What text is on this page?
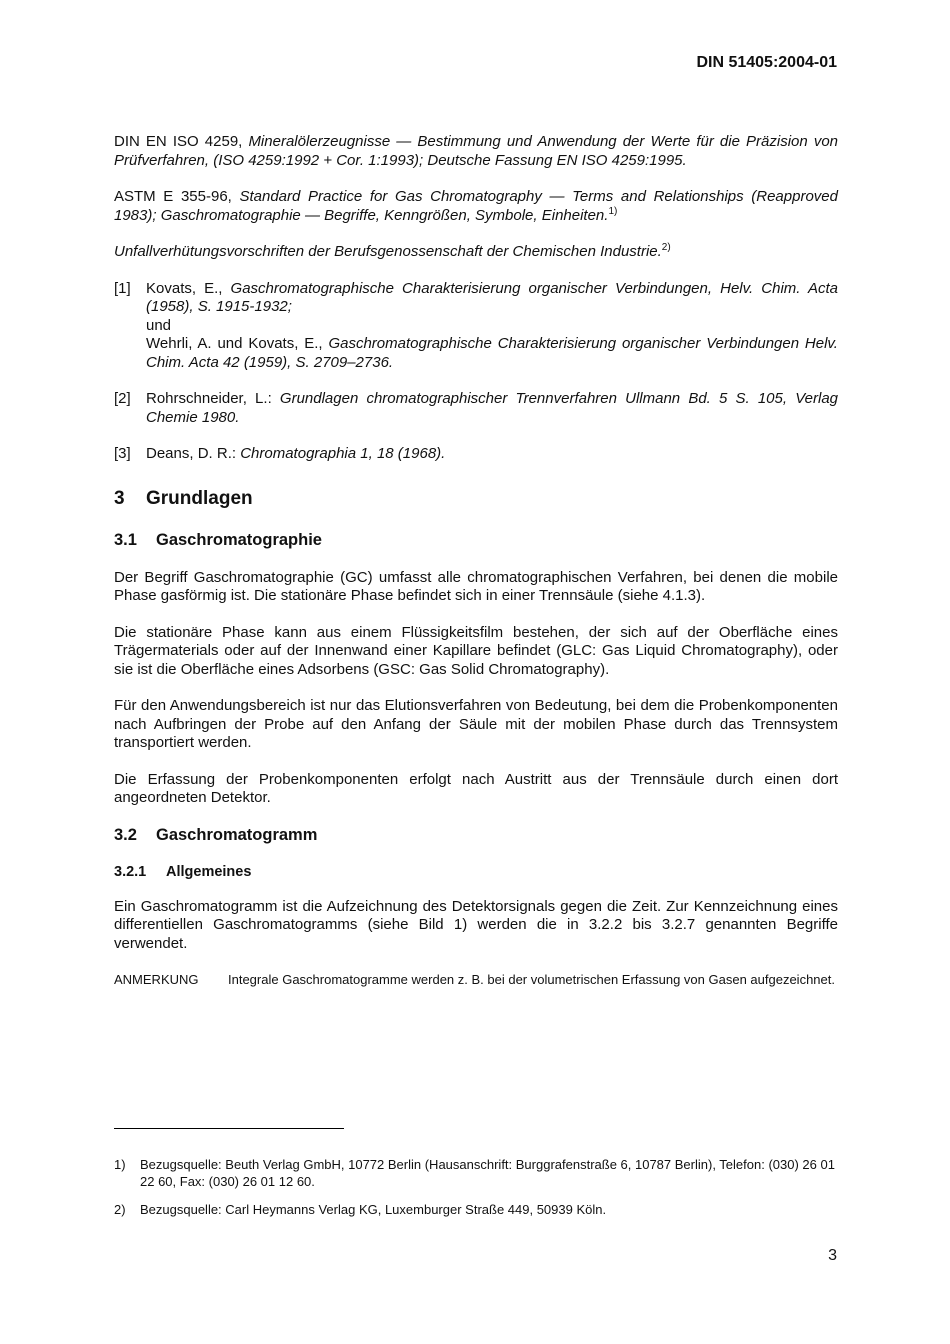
DIN 51405:2004-01

DIN EN ISO 4259, Mineralölerzeugnisse — Bestimmung und Anwendung der Werte für die Präzision von Prüfverfahren, (ISO 4259:1992 + Cor. 1:1993); Deutsche Fassung EN ISO 4259:1995.

ASTM E 355-96, Standard Practice for Gas Chromatography — Terms and Relationships (Reapproved 1983); Gaschromatographie — Begriffe, Kenngrößen, Symbole, Einheiten.$^{1)}$

Unfallverhütungsvorschriften der Berufsgenossenschaft der Chemischen Industrie.$^{2)}$

[1]	Kovats, E., Gaschromatographische Charakterisierung organischer Verbindungen, Helv. Chim. Acta (1958), S. 1915-1932;

und

Wehrli, A. und Kovats, E., Gaschromatographische Charakterisierung organischer Verbindungen Helv. Chim. Acta 42 (1959), S. 2709–2736.

[2]	Rohrschneider, L.: Grundlagen chromatographischer Trennverfahren Ullmann Bd. 5 S. 105, Verlag Chemie 1980.

[3]	Deans, D. R.: Chromatographia 1, 18 (1968).

3	Grundlagen
3.1	Gaschromatographie

Der Begriff Gaschromatographie (GC) umfasst alle chromatographischen Verfahren, bei denen die mobile Phase gasförmig ist. Die stationäre Phase befindet sich in einer Trennsäule (siehe 4.1.3).

Die stationäre Phase kann aus einem Flüssigkeitsfilm bestehen, der sich auf der Oberfläche eines Trägermaterials oder auf der Innenwand einer Kapillare befindet (GLC: Gas Liquid Chromatography), oder sie ist die Oberfläche eines Adsorbens (GSC: Gas Solid Chromatography).

Für den Anwendungsbereich ist nur das Elutionsverfahren von Bedeutung, bei dem die Probenkomponenten nach Aufbringen der Probe auf den Anfang der Säule mit der mobilen Phase durch das Trennsystem transportiert werden.

Die Erfassung der Probenkomponenten erfolgt nach Austritt aus der Trennsäule durch einen dort angeordneten Detektor.

3.2	Gaschromatogramm
3.2.1	Allgemeines

Ein Gaschromatogramm ist die Aufzeichnung des Detektorsignals gegen die Zeit. Zur Kennzeichnung eines differentiellen Gaschromatogramms (siehe Bild 1) werden die in 3.2.2 bis 3.2.7 genannten Begriffe verwendet.

ANMERKUNG Integrale Gaschromatogramme werden z. B. bei der volumetrischen Erfassung von Gasen aufgezeichnet.

1)	Bezugsquelle: Beuth Verlag GmbH, 10772 Berlin (Hausanschrift: Burggrafenstraße 6, 10787 Berlin), Telefon: (030) 26 01 22 60, Fax: (030) 26 01 12 60.
2)	Bezugsquelle: Carl Heymanns Verlag KG, Luxemburger Straße 449, 50939 Köln.
3
